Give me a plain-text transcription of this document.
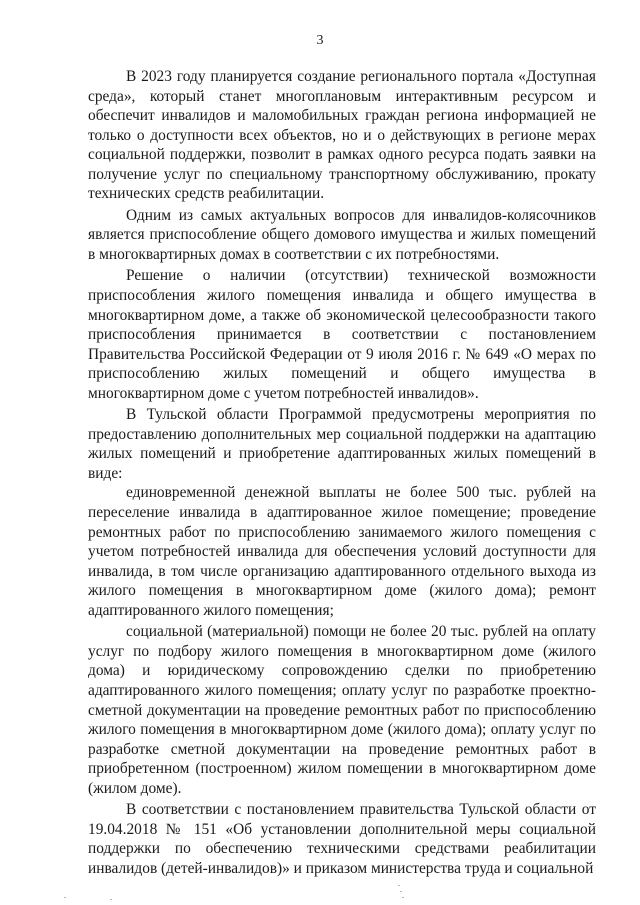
3

В 2023 году планируется создание регионального портала «Доступная среда», который станет многоплановым интерактивным ресурсом и обеспечит инвалидов и маломобильных граждан региона информацией не только о доступности всех объектов, но и о действующих в регионе мерах социальной поддержки, позволит в рамках одного ресурса подать заявки на получение услуг по специальному транспортному обслуживанию, прокату технических средств реабилитации.

Одним из самых актуальных вопросов для инвалидов-колясочников является приспособление общего домового имущества и жилых помещений в многоквартирных домах в соответствии с их потребностями.

Решение о наличии (отсутствии) технической возможности приспособления жилого помещения инвалида и общего имущества в многоквартирном доме, а также об экономической целесообразности такого приспособления принимается в соответствии с постановлением Правительства Российской Федерации от 9 июля 2016 г. № 649 «О мерах по приспособлению жилых помещений и общего имущества в многоквартирном доме с учетом потребностей инвалидов».

В Тульской области Программой предусмотрены мероприятия по предоставлению дополнительных мер социальной поддержки на адаптацию жилых помещений и приобретение адаптированных жилых помещений в виде:

единовременной денежной выплаты не более 500 тыс. рублей на переселение инвалида в адаптированное жилое помещение; проведение ремонтных работ по приспособлению занимаемого жилого помещения с учетом потребностей инвалида для обеспечения условий доступности для инвалида, в том числе организацию адаптированного отдельного выхода из жилого помещения в многоквартирном доме (жилого дома); ремонт адаптированного жилого помещения;

социальной (материальной) помощи не более 20 тыс. рублей на оплату услуг по подбору жилого помещения в многоквартирном доме (жилого дома) и юридическому сопровождению сделки по приобретению адаптированного жилого помещения; оплату услуг по разработке проектно-сметной документации на проведение ремонтных работ по приспособлению жилого помещения в многоквартирном доме (жилого дома); оплату услуг по разработке сметной документации на проведение ремонтных работ в приобретенном (построенном) жилом помещении в многоквартирном доме (жилом доме).

В соответствии с постановлением правительства Тульской области от 19.04.2018 № 151 «Об установлении дополнительной меры социальной поддержки по обеспечению техническими средствами реабилитации инвалидов (детей-инвалидов)» и приказом министерства труда и социальной
